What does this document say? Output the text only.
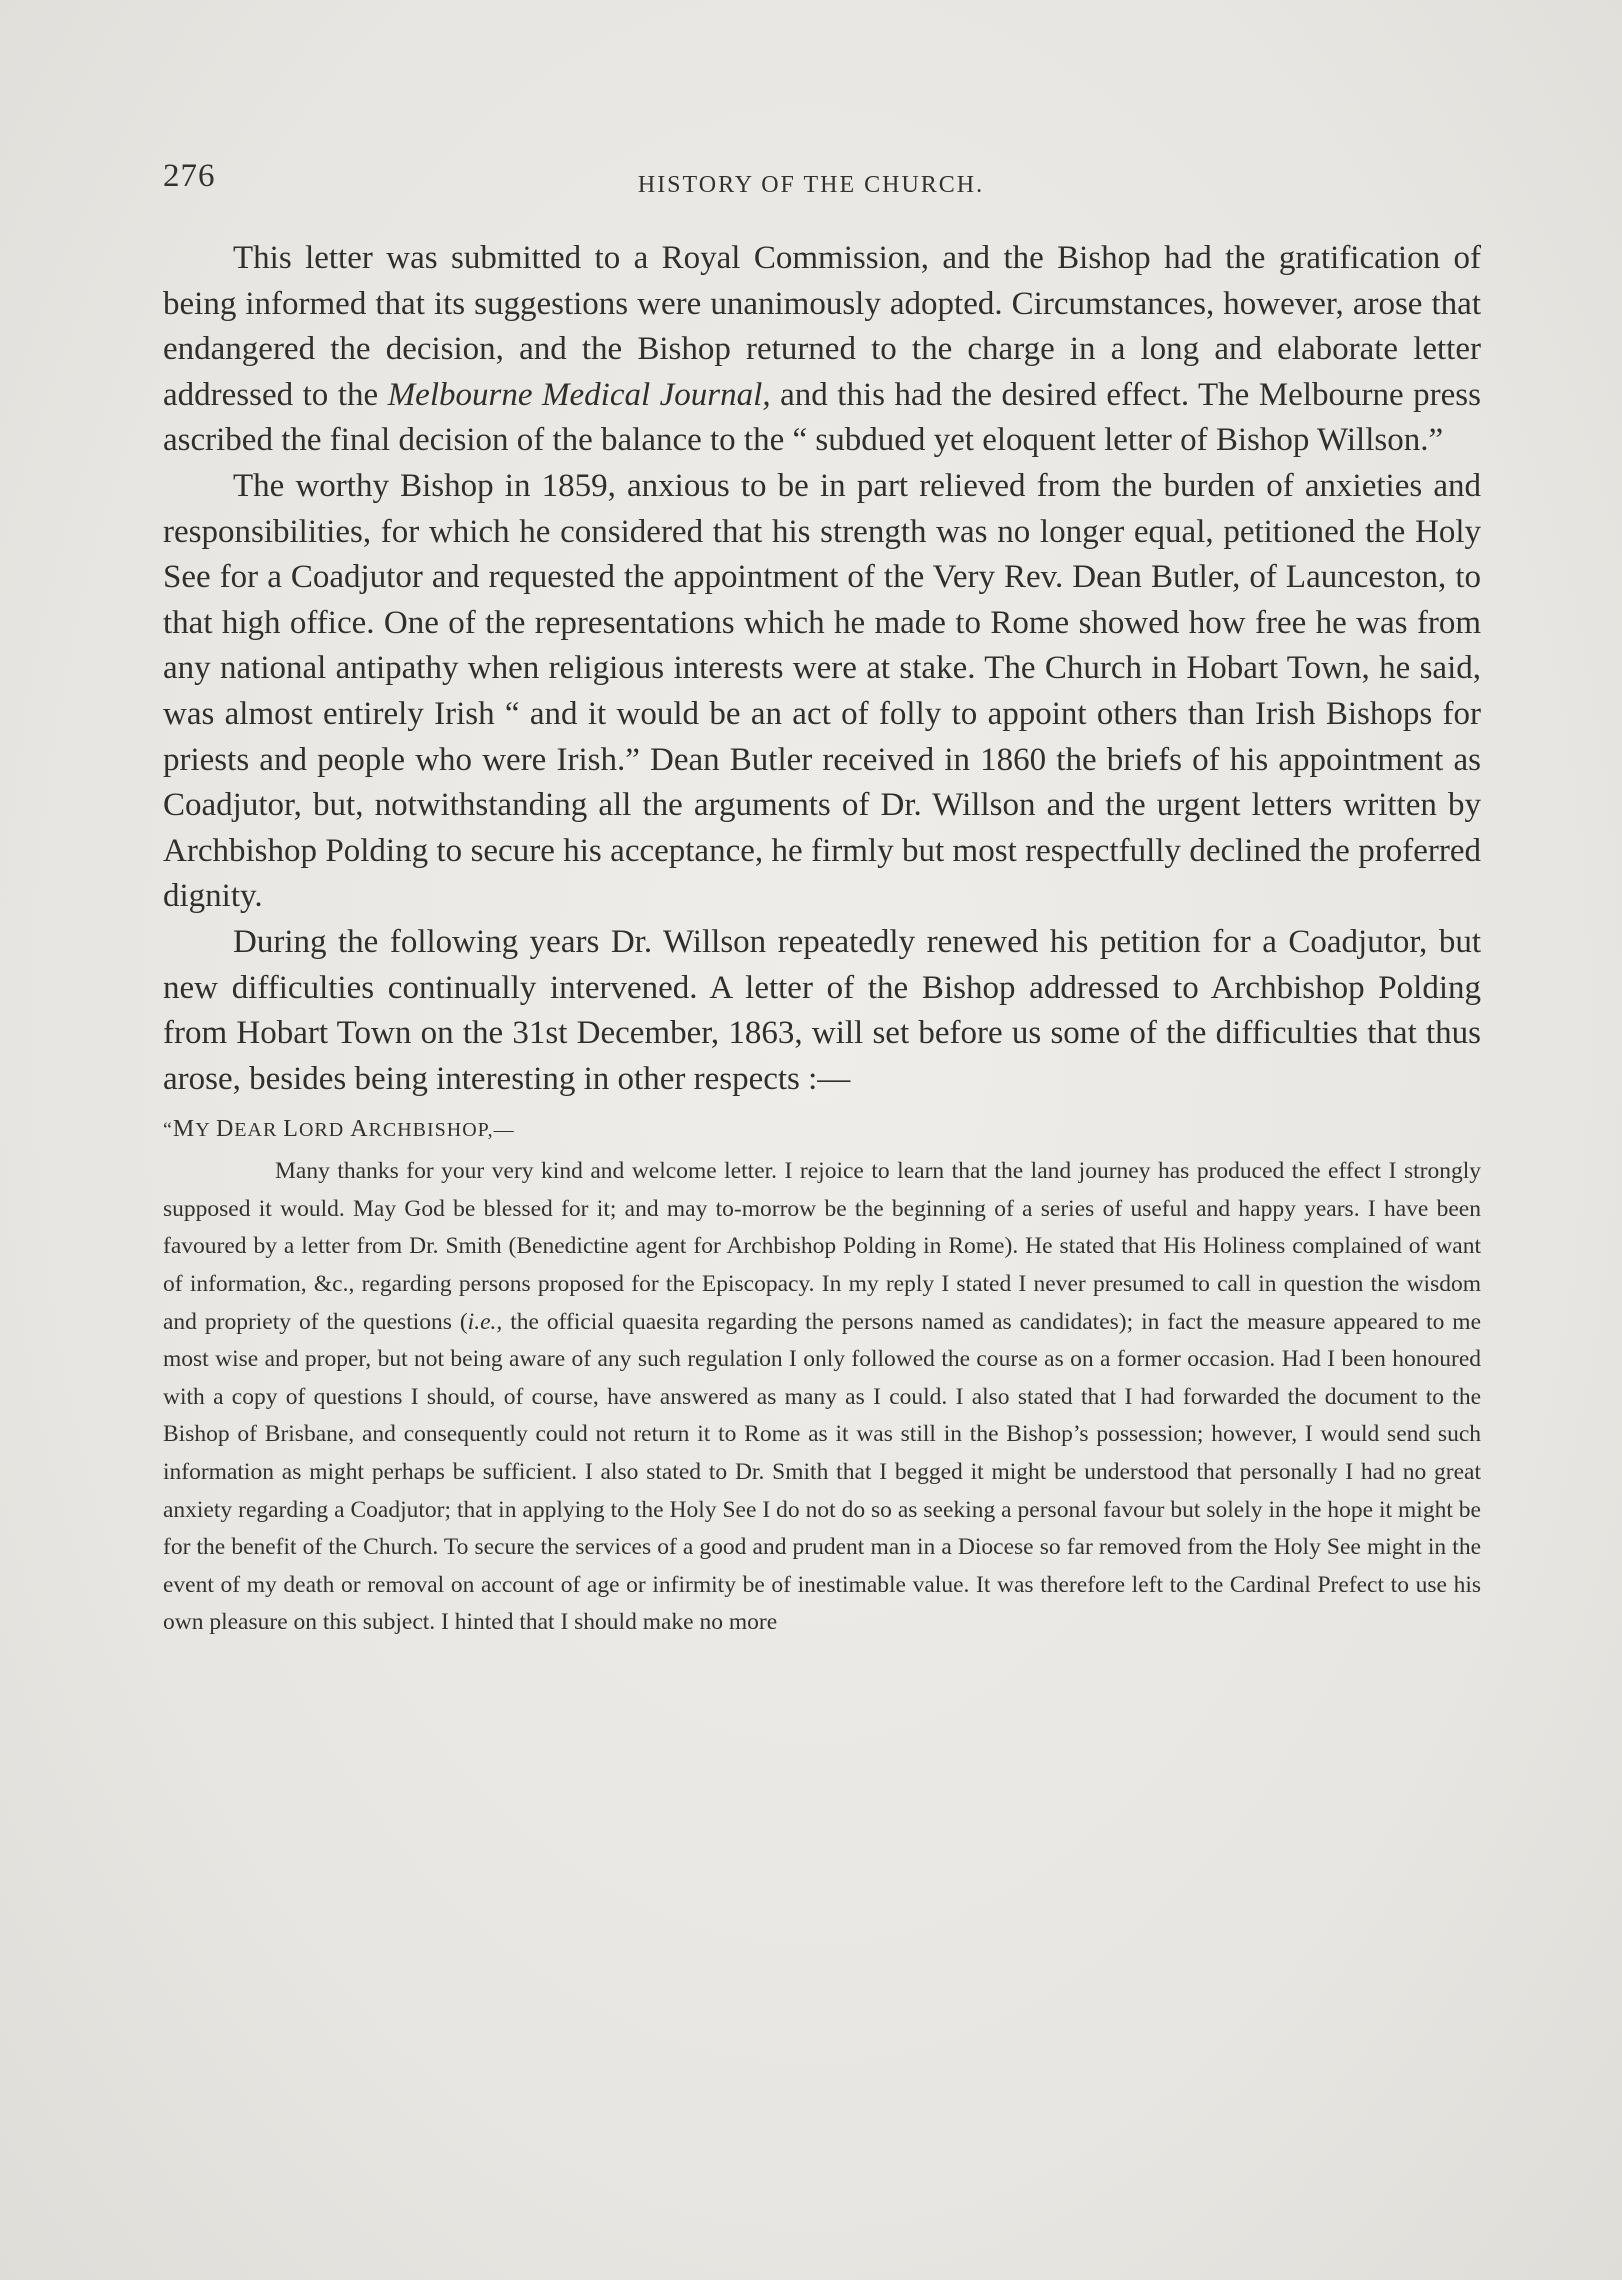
276	HISTORY OF THE CHURCH.

This letter was submitted to a Royal Commission, and the Bishop had the gratification of being informed that its suggestions were unanimously adopted. Circumstances, however, arose that endangered the decision, and the Bishop returned to the charge in a long and elaborate letter addressed to the Melbourne Medical Journal, and this had the desired effect. The Melbourne press ascribed the final decision of the balance to the “ subdued yet eloquent letter of Bishop Willson.”

The worthy Bishop in 1859, anxious to be in part relieved from the burden of anxieties and responsibilities, for which he considered that his strength was no longer equal, petitioned the Holy See for a Coadjutor and requested the appointment of the Very Rev. Dean Butler, of Launceston, to that high office. One of the representations which he made to Rome showed how free he was from any national antipathy when religious interests were at stake. The Church in Hobart Town, he said, was almost entirely Irish “ and it would be an act of folly to appoint others than Irish Bishops for priests and people who were Irish.” Dean Butler received in 1860 the briefs of his appointment as Coadjutor, but, notwithstanding all the arguments of Dr. Willson and the urgent letters written by Archbishop Polding to secure his acceptance, he firmly but most respectfully declined the proferred dignity.

During the following years Dr. Willson repeatedly renewed his petition for a Coadjutor, but new difficulties continually intervened. A letter of the Bishop addressed to Archbishop Polding from Hobart Town on the 31st December, 1863, will set before us some of the difficulties that thus arose, besides being interesting in other respects :—

“MY DEAR LORD ARCHBISHOP,—

Many thanks for your very kind and welcome letter. I rejoice to learn that the land journey has produced the effect I strongly supposed it would. May God be blessed for it; and may to-morrow be the beginning of a series of useful and happy years. I have been favoured by a letter from Dr. Smith (Benedictine agent for Archbishop Polding in Rome). He stated that His Holiness complained of want of information, &c., regarding persons proposed for the Episcopacy. In my reply I stated I never presumed to call in question the wisdom and propriety of the questions (i.e., the official quaesita regarding the persons named as candidates); in fact the measure appeared to me most wise and proper, but not being aware of any such regulation I only followed the course as on a former occasion. Had I been honoured with a copy of questions I should, of course, have answered as many as I could. I also stated that I had forwarded the document to the Bishop of Brisbane, and consequently could not return it to Rome as it was still in the Bishop’s possession; however, I would send such information as might perhaps be sufficient. I also stated to Dr. Smith that I begged it might be understood that personally I had no great anxiety regarding a Coadjutor; that in applying to the Holy See I do not do so as seeking a personal favour but solely in the hope it might be for the benefit of the Church. To secure the services of a good and prudent man in a Diocese so far removed from the Holy See might in the event of my death or removal on account of age or infirmity be of inestimable value. It was therefore left to the Cardinal Prefect to use his own pleasure on this subject. I hinted that I should make no more
